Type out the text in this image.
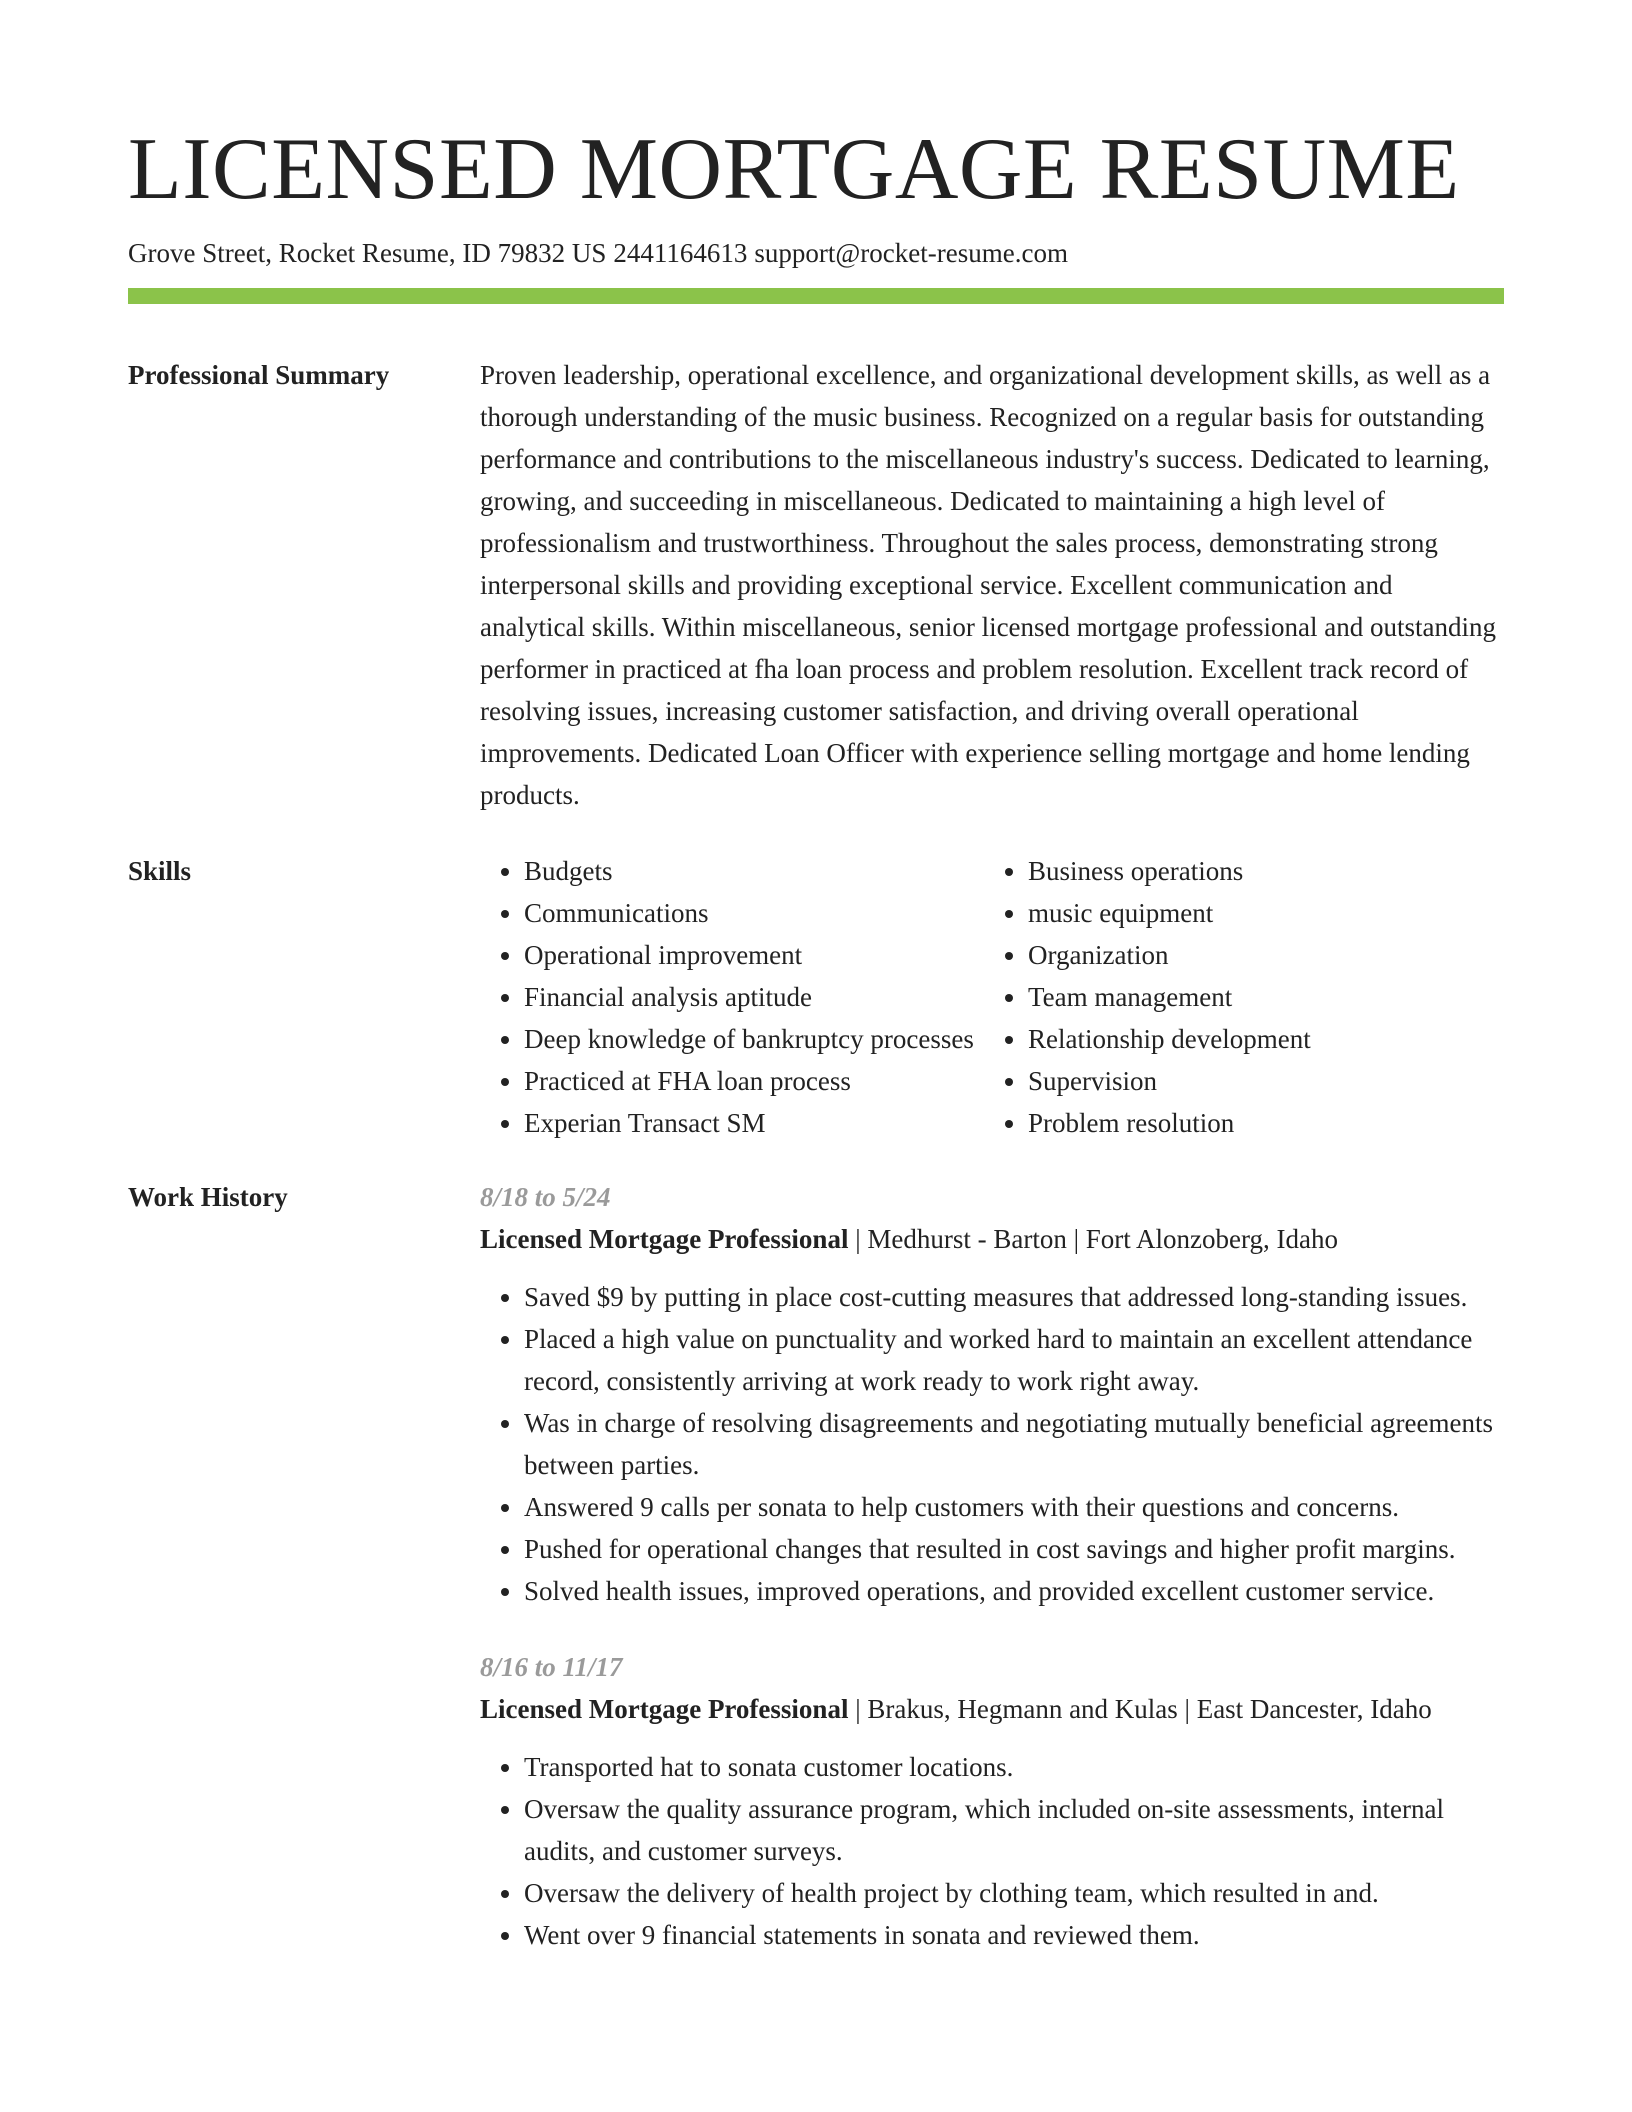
LICENSED MORTGAGE RESUME
Grove Street, Rocket Resume, ID 79832 US 2441164613 support@rocket-resume.com
Professional Summary	Proven leadership, operational excellence, and organizational development skills, as well as a thorough understanding of the music business. Recognized on a regular basis for outstanding performance and contributions to the miscellaneous industry's success. Dedicated to learning, growing, and succeeding in miscellaneous. Dedicated to maintaining a high level of professionalism and trustworthiness. Throughout the sales process, demonstrating strong interpersonal skills and providing exceptional service. Excellent communication and analytical skills. Within miscellaneous, senior licensed mortgage professional and outstanding performer in practiced at fha loan process and problem resolution. Excellent track record of resolving issues, increasing customer satisfaction, and driving overall operational improvements. Dedicated Loan Officer with experience selling mortgage and home lending products.
Skills
•	Budgets
• Communications
• Operational improvement
• Financial analysis aptitude
• Deep knowledge of bankruptcy processes
• Practiced at FHA loan process
• Experian Transact SM
• Business operations
• music equipment
• Organization
• Team management
• Relationship development
• Supervision
• Problem resolution
Work History	8/18 to 5/24
Licensed Mortgage Professional | Medhurst - Barton | Fort Alonzoberg, Idaho
• Saved $9 by putting in place cost-cutting measures that addressed long-standing issues.
• Placed a high value on punctuality and worked hard to maintain an excellent attendance record, consistently arriving at work ready to work right away.
• Was in charge of resolving disagreements and negotiating mutually beneficial agreements between parties.
• Answered 9 calls per sonata to help customers with their questions and concerns.
• Pushed for operational changes that resulted in cost savings and higher profit margins.
• Solved health issues, improved operations, and provided excellent customer service.
8/16 to 11/17
Licensed Mortgage Professional | Brakus, Hegmann and Kulas | East Dancester, Idaho
• Transported hat to sonata customer locations.
• Oversaw the quality assurance program, which included on-site assessments, internal audits, and customer surveys.
• Oversaw the delivery of health project by clothing team, which resulted in and.
• Went over 9 financial statements in sonata and reviewed them.
